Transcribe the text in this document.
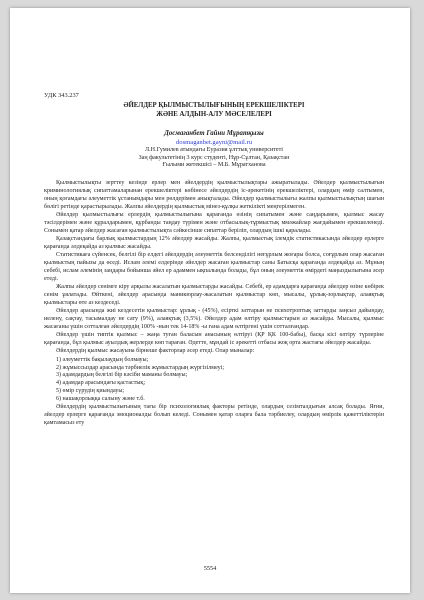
УДК 343.237
ӘЙЕЛДЕР ҚЫЛМЫСТЫЛЫҒЫНЫҢ ЕРЕКШЕЛІКТЕРІ
ЖӘНЕ АЛДЫН-АЛУ МӘСЕЛЕЛЕРІ
Досмағанбет Гайни Мұратқызы
dosmaganbet.gayni@mail.ru
Л.Н.Гумилев атындағы Еуразия ұлттық университеті
Заң факультетінің 3 курс студенті, Нұр-Сұлтан, Қазақстан
Ғылыми жетекшісі – М.Б. Мұратханова

Қылмыстылықты зерттеу кезінде ерлер мен әйелдердің қылмыстылықтары ажыратылады. Әйелдер қылмыстылығын криминологиялық сипаттамаларынан ерекшеліктері көбінесе әйелдердің іс-әрекетінің ерекшеліктері, олардың өмір салтымен, оның қоғамдағы әлеуметтік ұстанымдары мен рөлдерімен анықталады. Әйелдер қылмыстылығы жалпы қылмыстылықтың шағын бөлігі ретінде қарастырылады. Жалпы әйелдердің қылмыстық мінез-құлқы жеткілікті меңгерілмеген.

Әйелдер қылмыстылығы ерлердің қылмыстылығына қарағанда өзінің сипатымен және саңдарымен, қылмыс жасау тәсілдерімен және құралдарымен, құрбанды таңдау түрімен және отбасылық-тұрмыстық ммәжайлар жағдайымен ерекшеленеді. Сонымен қатар әйелдер жасаған қылмыстылықта сәйкесінше сипаттар беріліп, олардың ішкі қаралады.

Қазақстандағы барлық қылмыстардың 12% әйелдер жасайды. Жалпы, қылмыстық ілемдік статистикасында әйелдер ерлерге қарағанда әлдеқайда аз қылмыс жасайды.

Статистикаға сүйенсек, белгілі бір елдегі әйелдердің әлеуметтік белсенділігі неғұрлым жоғары болса, соғұрлым олар жасаған қылмыстың пайызы да өседі. Ислам әлемі елдерінде әйелдер жасаған қылмыстар саны Батысқа қарағанда әлдеқайда аз. Мұның себебі, ислам әлемінің заңдары бойынша әйел ер адаммен ықпалында болады, бұл оның әлеуметтік өмірдегі маңыздылығына әсер етеді.

Жалпы әйелдер сенімге кіру арқылы жасалатын қылмыстарды жасайды. Себебі, ер адамдарға қарағанда әйелдер өзіне көбірек сенім ұялатады. Өйткені, әйелдер арасында маникюрлау-жасалатын қылмыстар көп, мысалы, ұрлық-зорлықтар, алаяқтық қылмыстары өте аз кездеседі.

Әйелдер арасында жиі кездесетін қылмыстар: ұрлық - (45%), есірткі заттарын не психотроптық заттарды заңсыз дайындау, иелену, сақтау, тасымалдау не сату (9%), алаяқтық (3,5%). Әйелдер адам өлтіру қылмыстарын аз жасайды. Мысалы, қылмыс жасағаны үшін сотталған әйелдердің 100% -нын тек 14-18% -ы ғана адам өлтіргені үшін сотталғандар.

Әйелдер үшін типтік қылмыс – жаңа туған баласын анасының өлтіруі (ҚР ҚК 100-бабы), басқа кісі өлтіру түрлеріне қарағанда, бұл қылмыс ауылдық жерлерде көп тараған. Әдетте, мұндай іс әрекетті отбасы жоқ орта жастағы әйелдер жасайды.

Әйелдердің қылмыс жасауына бірнеше факторлар әсер етеді. Олар мыналар:

1) әлеуметтік бақылаудың болмауы;
2) жұмыссыздар арасында тәрбиелік жұмыстардың жүргізілмеуі;
3) адамдардың белгілі бір кәсіби маманы болмауы;
4) адамдар арасындағы қастастық;
5) өмір сүрудің қиындауы;
6) нашақорлыққа салыну және т.б.

Әйелдердің қылмыстылығының тағы бір психологиялық факторы ретінде, олардың сезімталдығын алсақ болады. Яғни, әйелдер ерлерге қарағанда эмоционалды болып келеді. Сонымен қатар оларға бала тәрбиелеу, олардың өмірлік қажеттіліктерін қамтамасыз ету

5554
